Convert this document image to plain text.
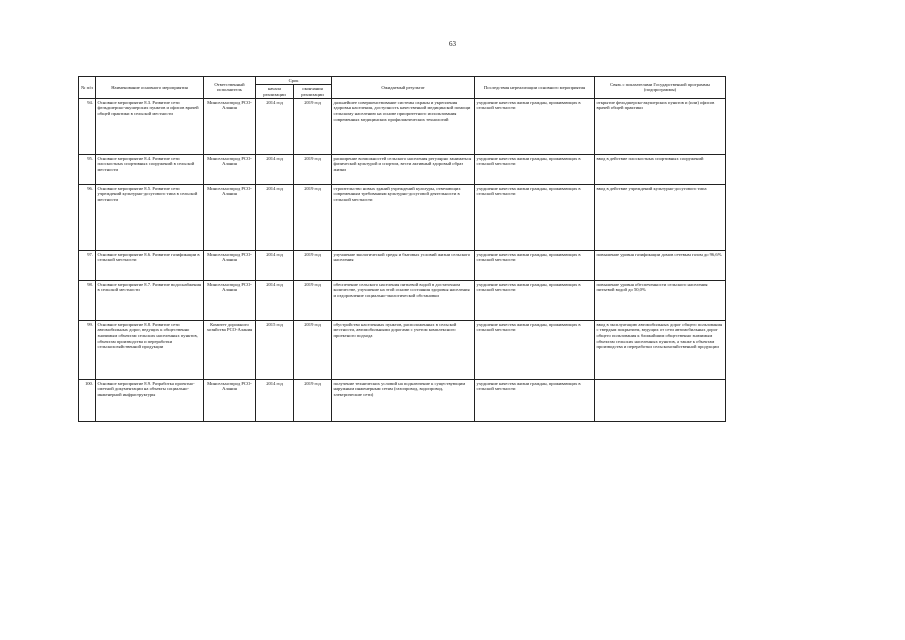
63
№ п/п	Наименование основного мероприятия	Ответственный исполнитель	Срок		Ожидаемый результат	Последствия нереализации основного мероприятия	Связь с показателями Государственной программы (подпрограммы)
			начала реализации	окончания реализации			
94.	Основное мероприятие 8.3. Развитие сети фельдшерско-акушерских пунктов и офисов врачей общей практики в сельской местности	Минсельхозпрод РСО-Алания	2014 год	2019 год	дальнейшее совершенствование системы охраны и укрепления здоровья населения, доступность качественной медицинской помощи сельскому населению на основе приоритетного использования современных медицинских профилактических технологий	ухудшение качества жизни граждан, проживающих в сельской местности	открытие фельдшерско-акушерских пунктов и (или) офисов врачей общей практики
95.	Основное мероприятие 8.4. Развитие сети плоскостных спортивных сооружений в сельской местности	Минсельхозпрод РСО-Алания	2014 год	2019 год	расширение возможностей сельского населения регулярно заниматься физической культурой и спортом, вести активный здоровый образ жизни	ухудшение качества жизни граждан, проживающих в сельской местности	ввод в действие плоскостных спортивных сооружений
96.	Основное мероприятие 8.5. Развитие сети учреждений культурно-досугового типа в сельской местности	Минсельхозпрод РСО-Алания	2014 год	2019 год	строительство новых зданий учреждений культуры, отвечающих современным требованиям культурно-досуговой деятельности в сельской местности	ухудшение качества жизни граждан, проживающих в сельской местности	ввод в действие учреждений культурно-досугового типа
97.	Основное мероприятие 8.6. Развитие газификации в сельской местности	Минсельхозпрод РСО-Алания	2014 год	2019 год	улучшение экологической среды и бытовых условий жизни сельского населения	ухудшение качества жизни граждан, проживающих в сельской местности	повышение уровня газификации домов сетевым газом до 96,6%
98.	Основное мероприятие 8.7. Развитие водоснабжения в сельской местности	Минсельхозпрод РСО-Алания	2014 год	2019 год	обеспечение сельского населения питьевой водой в достаточном количестве, улучшение на этой основе состояния здоровья населения и оздоровление социально-экологической обстановки	ухудшение качества жизни граждан, проживающих в сельской местности	повышение уровня обеспеченности сельского населения питьевой водой до 50,0%
99.	Основное мероприятие 8.8. Развитие сети автомобильных дорог, ведущих к общественно значимым объектам сельских населенных пунктов, объектам производства и переработки сельскохозяйственной продукции	Комитет дорожного хозяйства РСО-Алания	2015 год	2019 год	обустройство населенных пунктов, расположенных в сельской местности, автомобильными дорогами с учетом комплексного проектного подхода	ухудшение качества жизни граждан, проживающих в сельской местности	ввод в эксплуатацию автомобильных дорог общего пользования с твердым покрытием, ведущих от сети автомобильных дорог общего пользования к ближайшим общественно значимым объектам сельских населенных пунктов, а также к объектам производства и переработки сельскохозяйственной продукции
100.	Основное мероприятие 8.9. Разработка проектно-сметной документации на объекты социально-инженерной инфраструктуры	Минсельхозпрод РСО-Алания	2014 год	2019 год	получение технических условий на подключение к существующим наружным инженерным сетям (газопровод, водопровод, электрические сети)	ухудшение качества жизни граждан, проживающих в сельской местности	
